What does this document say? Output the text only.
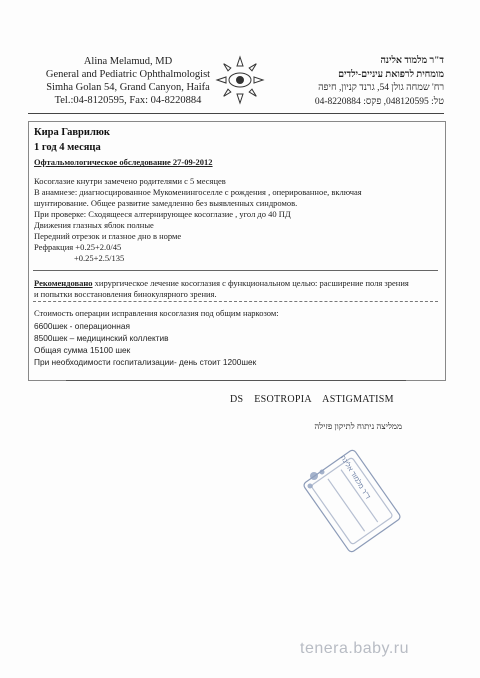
Alina Melamud, MD
General and Pediatric Ophthalmologist
Simha Golan 54, Grand Canyon, Haifa
Tel.:04-8120595, Fax: 04-8220884
ד"ר מלמוד אלינה
מומחית לרפואת עיניים-ילדים
רח' שמחה גולן 54, גרנד קניון, חיפה
טל: 048120595, פקס: 04-8220884
Кира Гаврилюк
1 год 4 месяца
Офтальмологическое обследование 27-09-2012
Косоглазие кнутри замечено родителями с 5 месяцев
В анамнезе: диагносцированное Мукоменингоселле с рождения , оперированное, включая
шунтирование. Общее развитие замедленно без выявленных синдромов.
При проверке: Сходящееся алтернирующее косоглазие , угол до 40 ПД
Движения глазных яблок полные
Передний отрезок и глазное дно в норме
Рефракция +0.25+2.0/45
+0.25+2.5/135
Рекомендовано хирургическое лечение косоглазия с функциональном целью: расширение поля зрения
и попытки восстановления бинокулярного зрения.
Стоимость операции исправления косоглазия под общим наркозом:
6600шек - операционная
8500шек – медицинский коллектив
Общая сумма 15100 шек
При необходимости госпитализации- день стоит 1200шек
DS ESOTROPIA ASTIGMATISM
ממליצה ניתוח לתיקון פזילה
ד"ר מלמוד אלינה
tenera.baby.ru
